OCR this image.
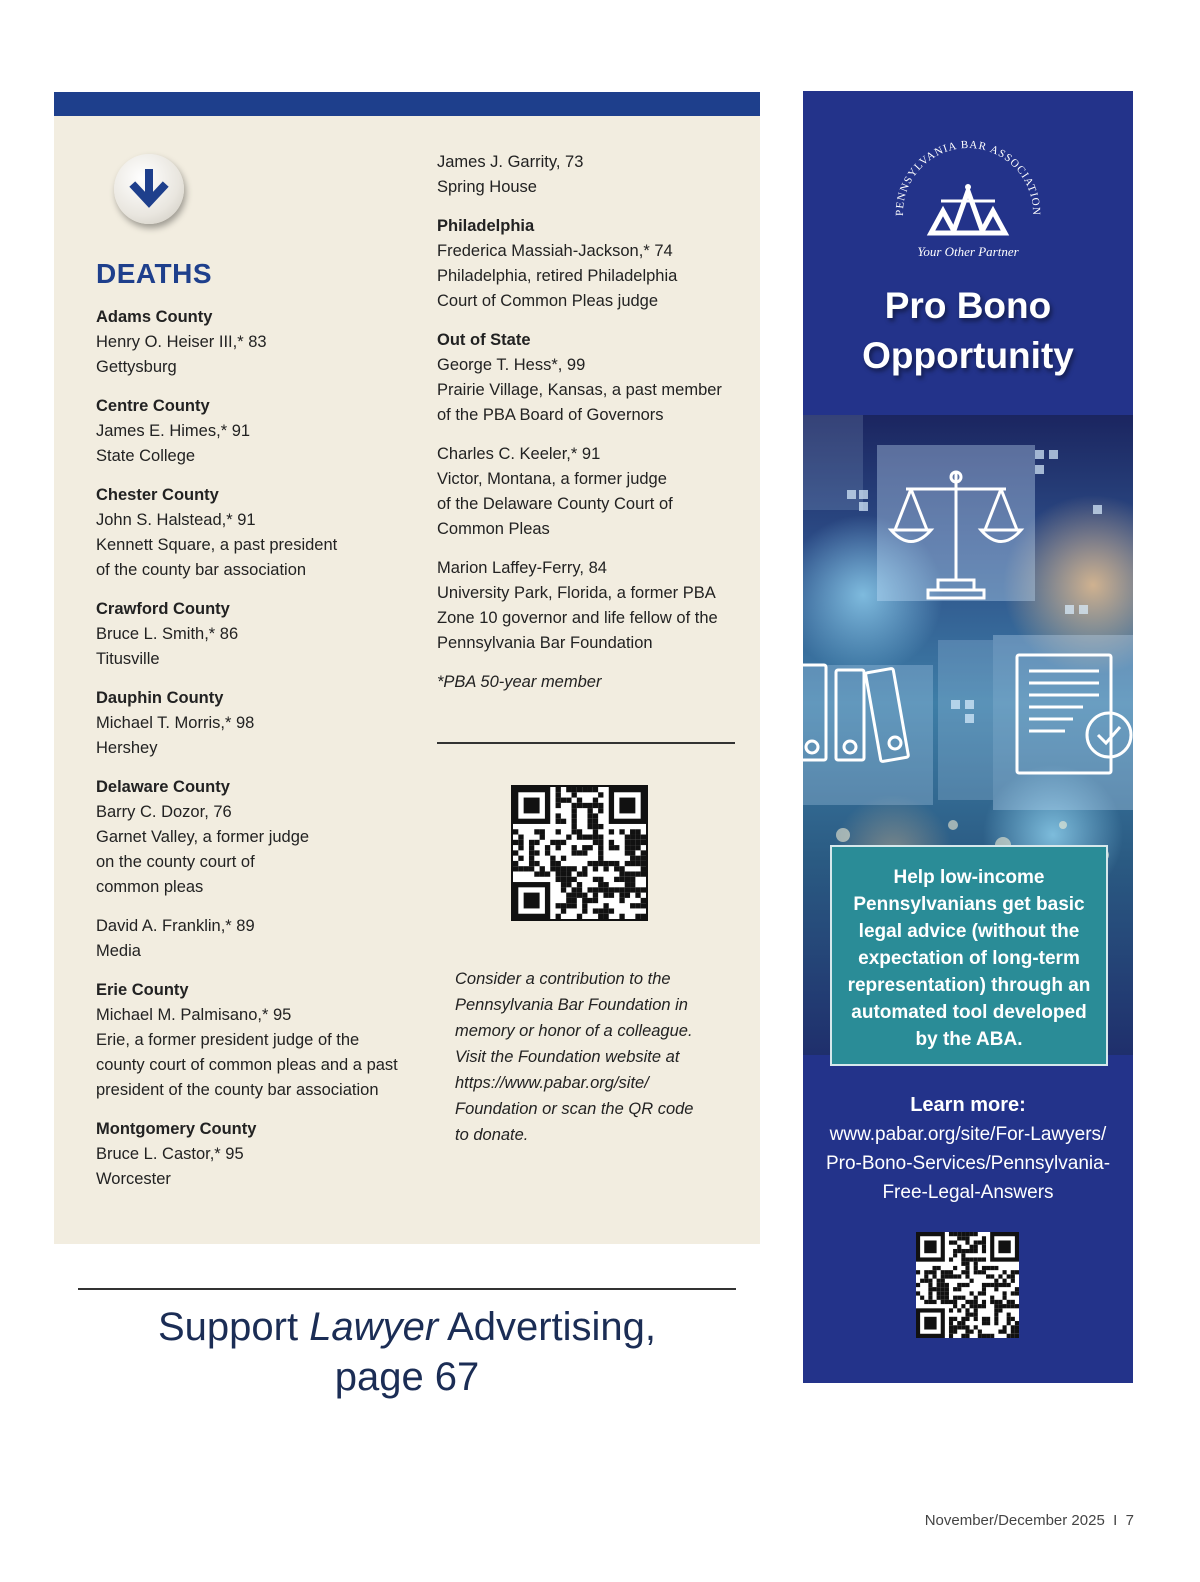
DEATHS
Adams County
Henry O. Heiser III,* 83
Gettysburg
Centre County
James E. Himes,* 91
State College
Chester County
John S. Halstead,* 91
Kennett Square, a past president
of the county bar association
Crawford County
Bruce L. Smith,* 86
Titusville
Dauphin County
Michael T. Morris,* 98
Hershey
Delaware County
Barry C. Dozor, 76
Garnet Valley, a former judge
on the county court of
common pleas
David A. Franklin,* 89
Media
Erie County
Michael M. Palmisano,* 95
Erie, a former president judge of the
county court of common pleas and a past
president of the county bar association
Montgomery County
Bruce L. Castor,* 95
Worcester
James J. Garrity, 73
Spring House
Philadelphia
Frederica Massiah-Jackson,* 74
Philadelphia, retired Philadelphia
Court of Common Pleas judge
Out of State
George T. Hess*, 99
Prairie Village, Kansas, a past member
of the PBA Board of Governors
Charles C. Keeler,* 91
Victor, Montana, a former judge
of the Delaware County Court of
Common Pleas
Marion Laffey-Ferry, 84
University Park, Florida, a former PBA
Zone 10 governor and life fellow of the
Pennsylvania Bar Foundation
*PBA 50-year member
Consider a contribution to the
Pennsylvania Bar Foundation in
memory or honor of a colleague.
Visit the Foundation website at
https://www.pabar.org/site/
Foundation or scan the QR code
to donate.
Support Lawyer Advertising,
page 67
November/December 2025 I 7
PENNSYLVANIA BAR ASSOCIATION
Your Other Partner
Pro Bono
Opportunity
Help low-income
Pennsylvanians get basic
legal advice (without the
expectation of long-term
representation) through an
automated tool developed
by the ABA.
Learn more:
www.pabar.org/site/For-Lawyers/
Pro-Bono-Services/Pennsylvania-
Free-Legal-Answers
